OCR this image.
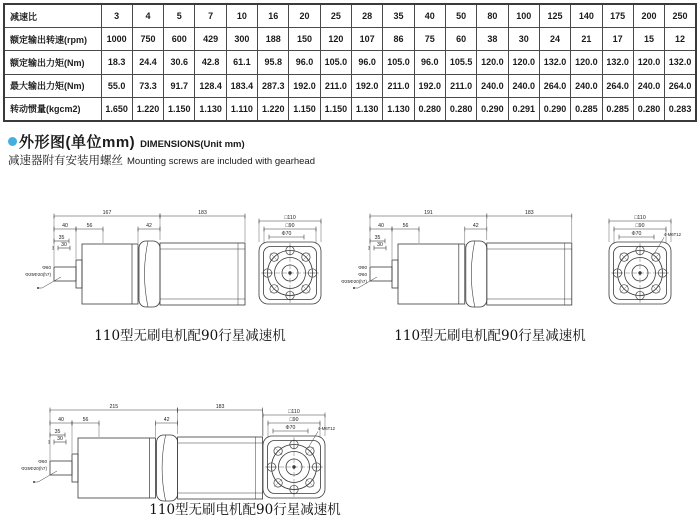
减速比	3	4	5	7	10	16	20	25	28	35	40	50	80	100	125	140	175	200	250
额定输出转速(rpm)	1000	750	600	429	300	188	150	120	107	86	75	60	38	30	24	21	17	15	12
额定输出力矩(Nm)	18.3	24.4	30.6	42.8	61.1	95.8	96.0	105.0	96.0	105.0	96.0	105.5	120.0	120.0	132.0	120.0	132.0	120.0	132.0
最大输出力矩(Nm)	55.0	73.3	91.7	128.4	183.4	287.3	192.0	211.0	192.0	211.0	192.0	211.0	240.0	240.0	264.0	240.0	264.0	240.0	264.0
转动惯量(kgcm2)	1.650	1.220	1.150	1.130	1.110	1.220	1.150	1.150	1.130	1.130	0.280	0.280	0.290	0.291	0.290	0.285	0.285	0.280	0.283
外形图(单位mm) DIMENSIONS(Unit mm)
减速器附有安装用螺丝 Mounting screws are included with gearhead
167	183
40	56	42
35
30
3
Φ60
Φ25Φ20(h7)
□110
□90
Φ70
191	183
40	56	42
35
30
3
Φ90
Φ60
Φ25Φ20(h7)
□110
□90
Φ70	4-M6T12
215	183
40	56	42
35
30
3
Φ60
Φ25Φ20(h7)
□110
□90
Φ70	4-M6T12
110型无刷电机配90行星减速机	110型无刷电机配90行星减速机
110型无刷电机配90行星减速机
